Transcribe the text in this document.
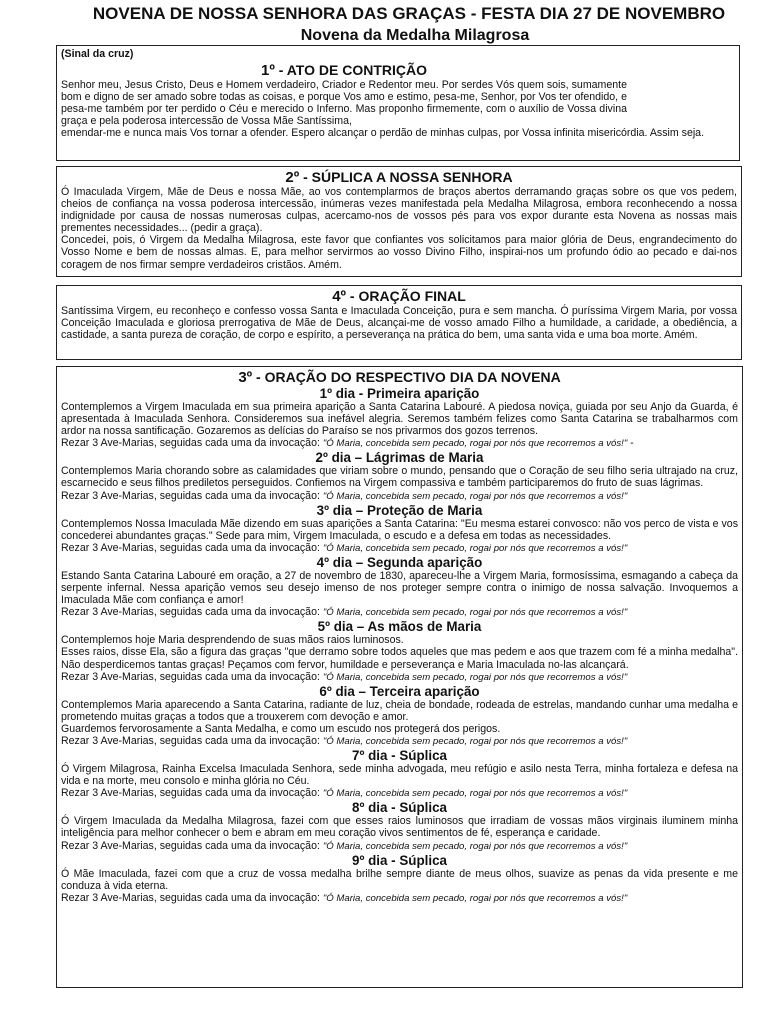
NOVENA DE NOSSA SENHORA DAS GRAÇAS - FESTA DIA 27 DE NOVEMBRO
Novena da Medalha Milagrosa

(Sinal da cruz)

1º - ATO DE CONTRIÇÃO

Senhor meu, Jesus Cristo, Deus e Homem verdadeiro, Criador e Redentor meu. Por serdes Vós quem sois, sumamente bom e digno de ser amado sobre todas as coisas, e porque Vos amo e estimo, pesa-me, Senhor, por Vos ter ofendido, e pesa-me também por ter perdido o Céu e merecido o Inferno. Mas proponho firmemente, com o auxílio de Vossa divina graça e pela poderosa intercessão de Vossa Mãe Santíssima,

emendar-me e nunca mais Vos tornar a ofender. Espero alcançar o perdão de minhas culpas, por Vossa infinita misericórdia. Assim seja.

2º - SÚPLICA A NOSSA SENHORA

Ó Imaculada Virgem, Mãe de Deus e nossa Mãe, ao vos contemplarmos de braços abertos derramando graças sobre os que vos pedem, cheios de confiança na vossa poderosa intercessão, inúmeras vezes manifestada pela Medalha Milagrosa, embora reconhecendo a nossa indignidade por causa de nossas numerosas culpas, acercamo-nos de vossos pés para vos expor durante esta Novena as nossas mais prementes necessidades... (pedir a graça).

Concedei, pois, ó Virgem da Medalha Milagrosa, este favor que confiantes vos solicitamos para maior glória de Deus, engrandecimento do Vosso Nome e bem de nossas almas. E, para melhor servirmos ao vosso Divino Filho, inspirai-nos um profundo ódio ao pecado e dai-nos coragem de nos firmar sempre verdadeiros cristãos. Amém.

4º - ORAÇÃO FINAL

Santíssima Virgem, eu reconheço e confesso vossa Santa e Imaculada Conceição, pura e sem mancha. Ó puríssima Virgem Maria, por vossa Conceição Imaculada e gloriosa prerrogativa de Mãe de Deus, alcançai-me de vosso amado Filho a humildade, a caridade, a obediência, a castidade, a santa pureza de coração, de corpo e espírito, a perseverança na prática do bem, uma santa vida e uma boa morte. Amém.

3º - ORAÇÃO DO RESPECTIVO DIA DA NOVENA

1º dia - Primeira aparição

Contemplemos a Virgem Imaculada em sua primeira aparição a Santa Catarina Labouré. A piedosa noviça, guiada por seu Anjo da Guarda, é apresentada à Imaculada Senhora. Consideremos sua inefável alegria. Seremos também felizes como Santa Catarina se trabalharmos com ardor na nossa santificação. Gozaremos as delícias do Paraíso se nos privarmos dos gozos terrenos.

Rezar 3 Ave-Marias, seguidas cada uma da invocação: "Ó Maria, concebida sem pecado, rogai por nós que recorremos a vós!" -

2º dia – Lágrimas de Maria

Contemplemos Maria chorando sobre as calamidades que viriam sobre o mundo, pensando que o Coração de seu filho seria ultrajado na cruz, escarnecido e seus filhos prediletos perseguidos. Confiemos na Virgem compassiva e também participaremos do fruto de suas lágrimas.

Rezar 3 Ave-Marias, seguidas cada uma da invocação: "Ó Maria, concebida sem pecado, rogai por nós que recorremos a vós!"

3º dia – Proteção de Maria

Contemplemos Nossa Imaculada Mãe dizendo em suas aparições a Santa Catarina: "Eu mesma estarei convosco: não vos perco de vista e vos concederei abundantes graças." Sede para mim, Virgem Imaculada, o escudo e a defesa em todas as necessidades.

Rezar 3 Ave-Marias, seguidas cada uma da invocação: "Ó Maria, concebida sem pecado, rogai por nós que recorremos a vós!"

4º dia – Segunda aparição

Estando Santa Catarina Labouré em oração, a 27 de novembro de 1830, apareceu-lhe a Virgem Maria, formosíssima, esmagando a cabeça da serpente infernal. Nessa aparição vemos seu desejo imenso de nos proteger sempre contra o inimigo de nossa salvação. Invoquemos a Imaculada Mãe com confiança e amor!

Rezar 3 Ave-Marias, seguidas cada uma da invocação: "Ó Maria, concebida sem pecado, rogai por nós que recorremos a vós!"

5º dia – As mãos de Maria

Contemplemos hoje Maria desprendendo de suas mãos raios luminosos.

Esses raios, disse Ela, são a figura das graças "que derramo sobre todos aqueles que mas pedem e aos que trazem com fé a minha medalha". Não desperdicemos tantas graças! Peçamos com fervor, humildade e perseverança e Maria Imaculada no-las alcançará.

Rezar 3 Ave-Marias, seguidas cada uma da invocação: "Ó Maria, concebida sem pecado, rogai por nós que recorremos a vós!"

6º dia – Terceira aparição

Contemplemos Maria aparecendo a Santa Catarina, radiante de luz, cheia de bondade, rodeada de estrelas, mandando cunhar uma medalha e prometendo muitas graças a todos que a trouxerem com devoção e amor.

Guardemos fervorosamente a Santa Medalha, e como um escudo nos protegerá dos perigos.

Rezar 3 Ave-Marias, seguidas cada uma da invocação: "Ó Maria, concebida sem pecado, rogai por nós que recorremos a vós!"

7º dia - Súplica

Ó Virgem Milagrosa, Rainha Excelsa Imaculada Senhora, sede minha advogada, meu refúgio e asilo nesta Terra, minha fortaleza e defesa na vida e na morte, meu consolo e minha glória no Céu.

Rezar 3 Ave-Marias, seguidas cada uma da invocação: "Ó Maria, concebida sem pecado, rogai por nós que recorremos a vós!"

8º dia - Súplica

Ó Virgem Imaculada da Medalha Milagrosa, fazei com que esses raios luminosos que irradiam de vossas mãos virginais iluminem minha inteligência para melhor conhecer o bem e abram em meu coração vivos sentimentos de fé, esperança e caridade.

Rezar 3 Ave-Marias, seguidas cada uma da invocação: "Ó Maria, concebida sem pecado, rogai por nós que recorremos a vós!"

9º dia - Súplica

Ó Mãe Imaculada, fazei com que a cruz de vossa medalha brilhe sempre diante de meus olhos, suavize as penas da vida presente e me conduza à vida eterna.

Rezar 3 Ave-Marias, seguidas cada uma da invocação: "Ó Maria, concebida sem pecado, rogai por nós que recorremos a vós!"
